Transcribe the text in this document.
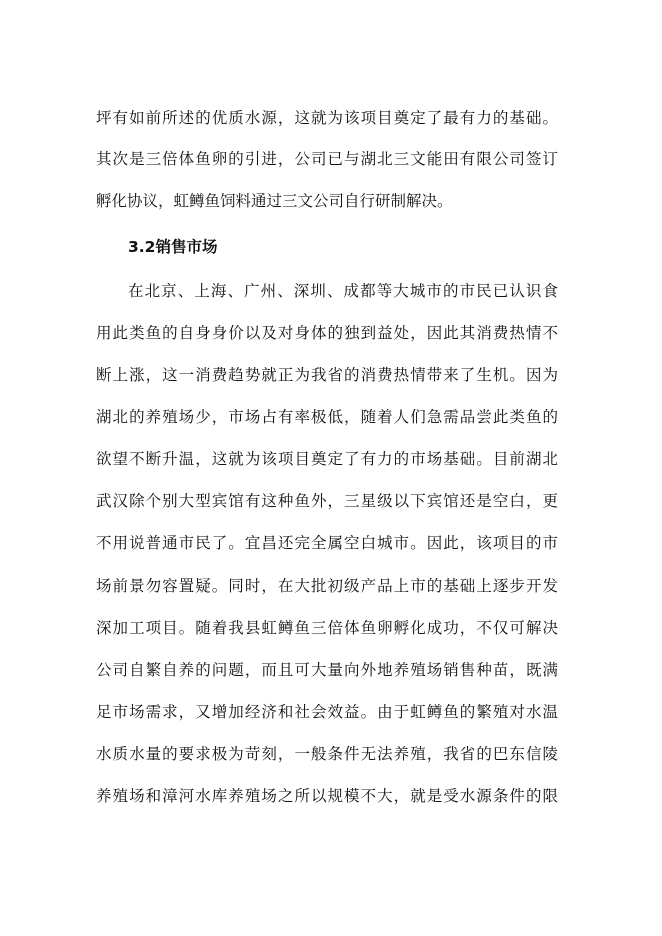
坪有如前所述的优质水源，这就为该项目奠定了最有力的基础。
其次是三倍体鱼卵的引进，公司已与湖北三文能田有限公司签订
孵化协议，虹鳟鱼饲料通过三文公司自行研制解决。
3.2销售市场
在北京、上海、广州、深圳、成都等大城市的市民已认识食
用此类鱼的自身身价以及对身体的独到益处，因此其消费热情不
断上涨，这一消费趋势就正为我省的消费热情带来了生机。因为
湖北的养殖场少，市场占有率极低，随着人们急需品尝此类鱼的
欲望不断升温，这就为该项目奠定了有力的市场基础。目前湖北
武汉除个别大型宾馆有这种鱼外，三星级以下宾馆还是空白，更
不用说普通市民了。宜昌还完全属空白城市。因此，该项目的市
场前景勿容置疑。同时，在大批初级产品上市的基础上逐步开发
深加工项目。随着我县虹鳟鱼三倍体鱼卵孵化成功，不仅可解决
公司自繁自养的问题，而且可大量向外地养殖场销售种苗，既满
足市场需求，又增加经济和社会效益。由于虹鳟鱼的繁殖对水温
水质水量的要求极为苛刻，一般条件无法养殖，我省的巴东信陵
养殖场和漳河水库养殖场之所以规模不大，就是受水源条件的限
